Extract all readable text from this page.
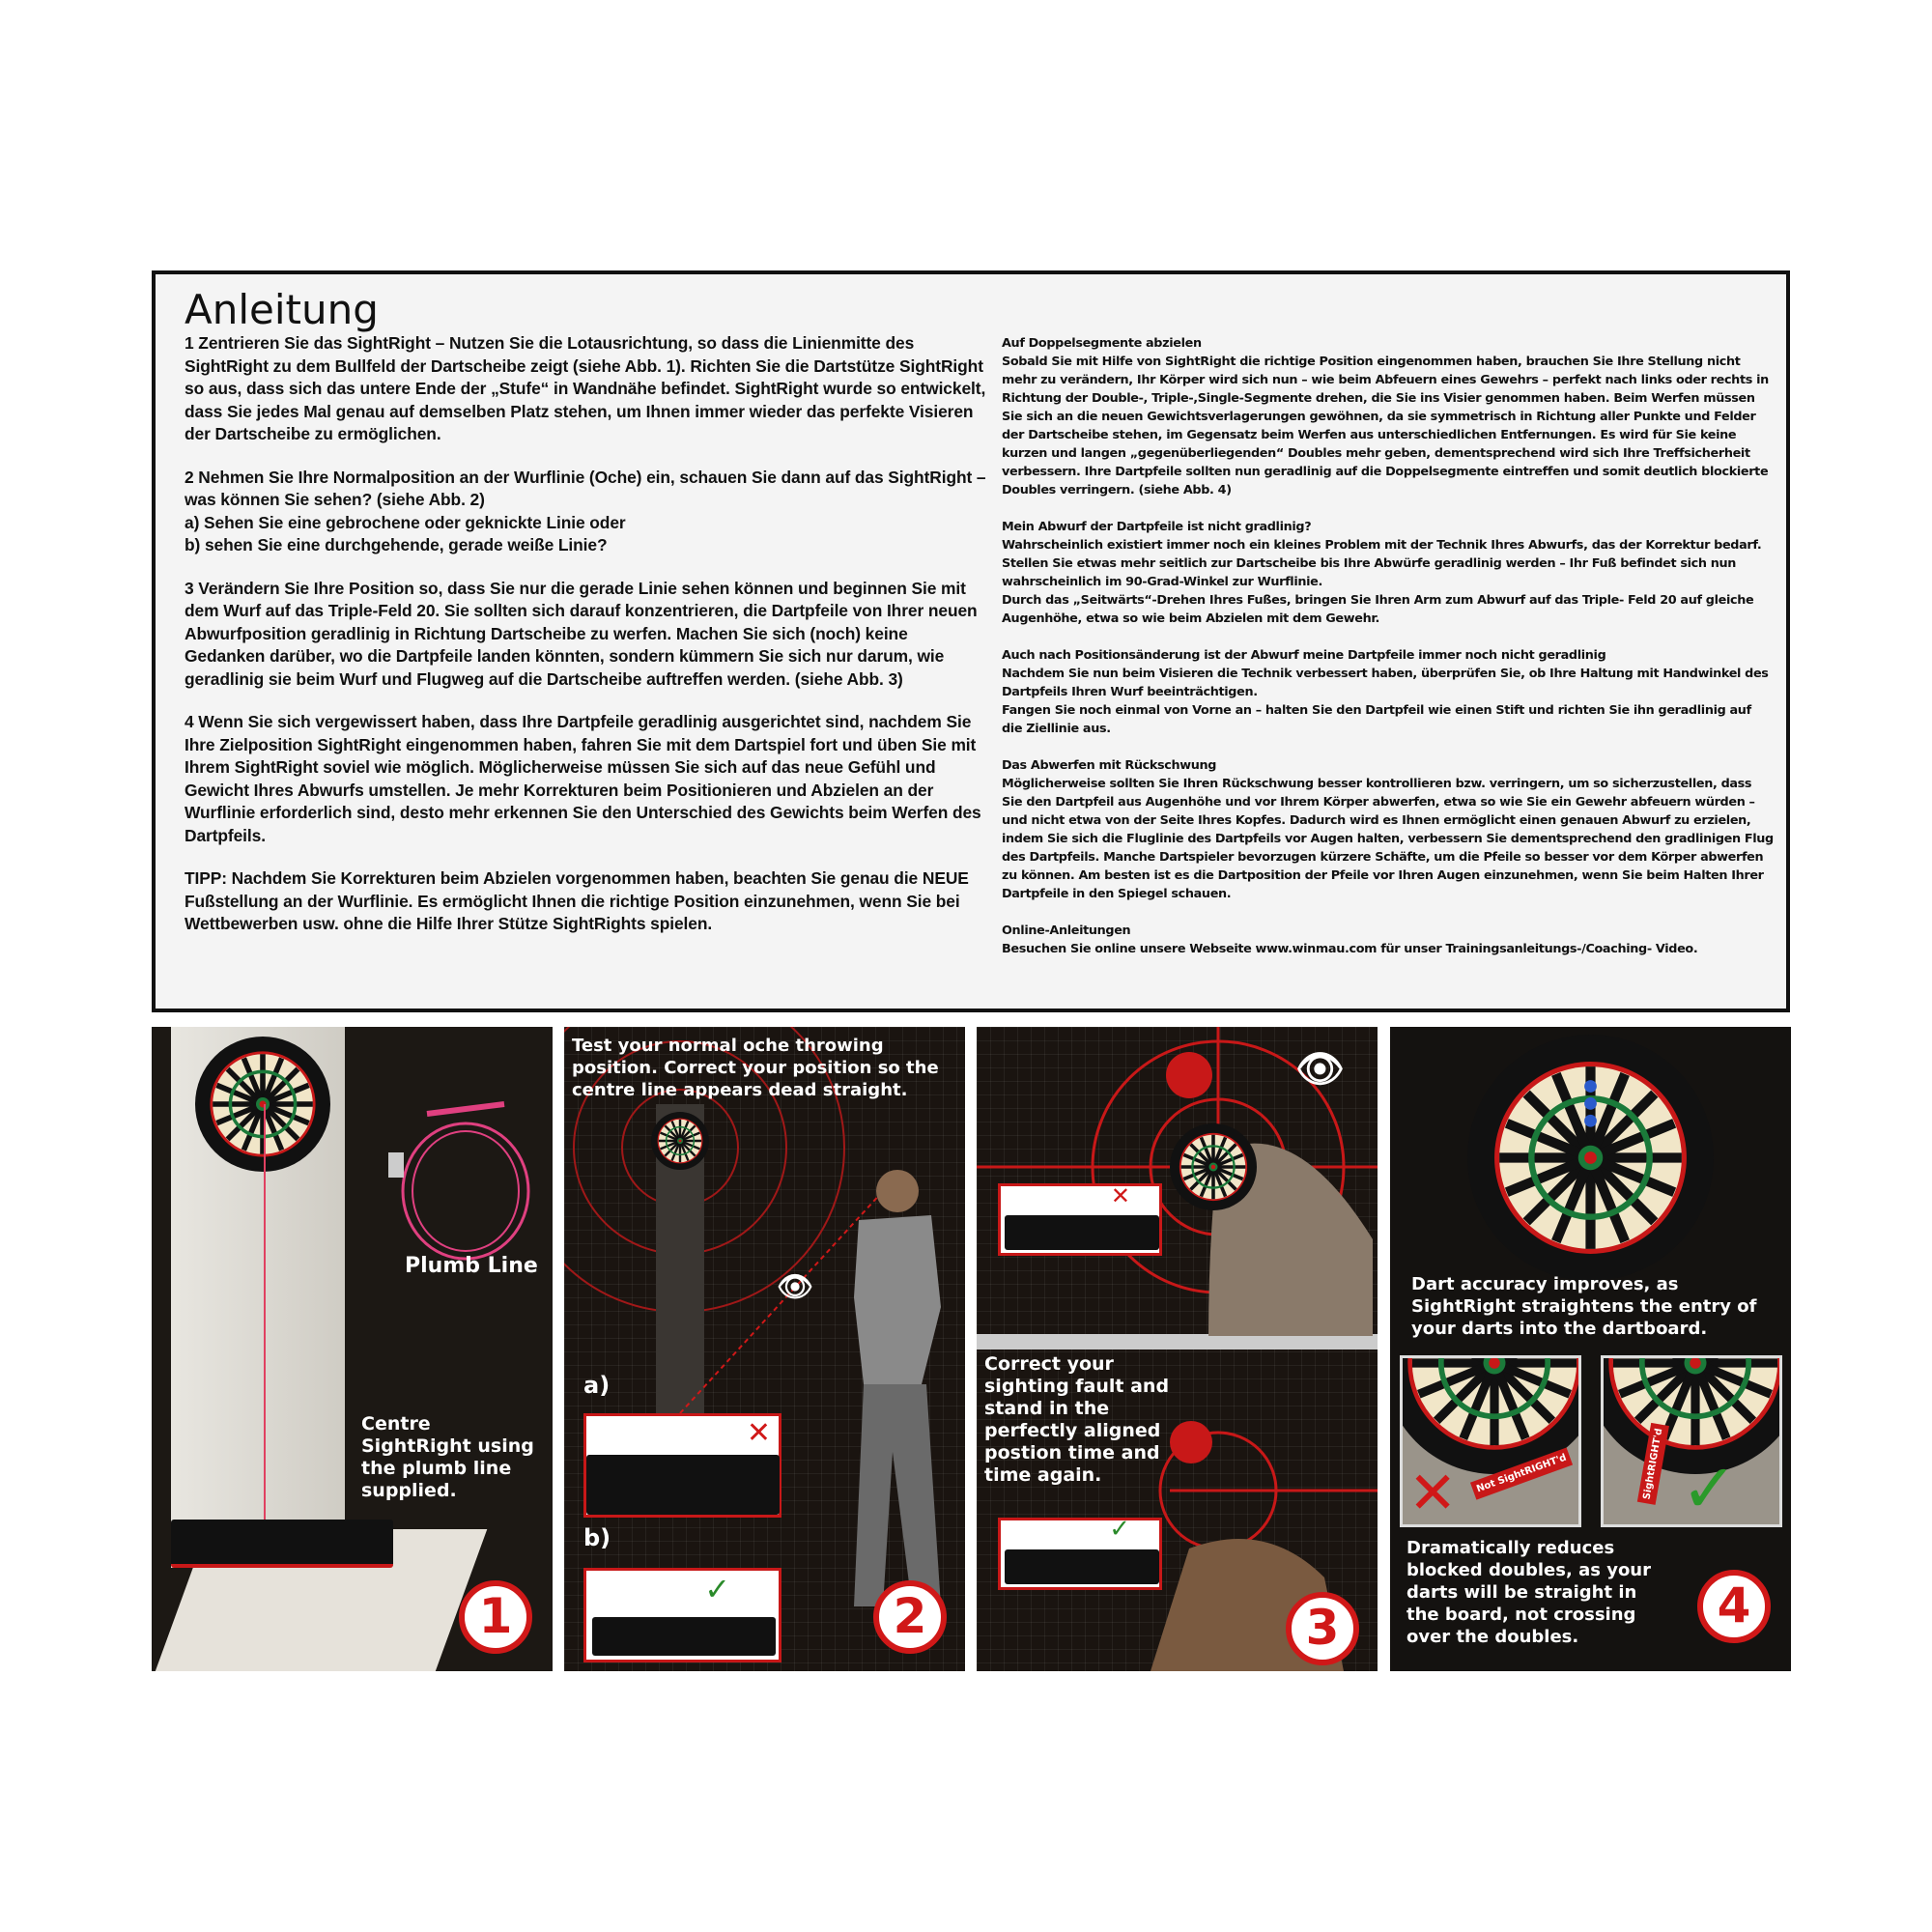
Anleitung

1 Zentrieren Sie das SightRight – Nutzen Sie die Lotausrichtung, so dass die Linienmitte des SightRight zu dem Bullfeld der Dartscheibe zeigt (siehe Abb. 1). Richten Sie die Dartstütze SightRight so aus, dass sich das untere Ende der „Stufe“ in Wandnähe befindet. SightRight wurde so entwickelt, dass Sie jedes Mal genau auf demselben Platz stehen, um Ihnen immer wieder das perfekte Visieren der Dartscheibe zu ermöglichen.

2 Nehmen Sie Ihre Normalposition an der Wurflinie (Oche) ein, schauen Sie dann auf das SightRight – was können Sie sehen? (siehe Abb. 2)
a) Sehen Sie eine gebrochene oder geknickte Linie oder
b) sehen Sie eine durchgehende, gerade weiße Linie?

3 Verändern Sie Ihre Position so, dass Sie nur die gerade Linie sehen können und beginnen Sie mit dem Wurf auf das Triple-Feld 20. Sie sollten sich darauf konzentrieren, die Dartpfeile von Ihrer neuen Abwurfposition geradlinig in Richtung Dartscheibe zu werfen. Machen Sie sich (noch) keine Gedanken darüber, wo die Dartpfeile landen könnten, sondern kümmern Sie sich nur darum, wie geradlinig sie beim Wurf und Flugweg auf die Dartscheibe auftreffen werden. (siehe Abb. 3)

4 Wenn Sie sich vergewissert haben, dass Ihre Dartpfeile geradlinig ausgerichtet sind, nachdem Sie Ihre Zielposition SightRight eingenommen haben, fahren Sie mit dem Dartspiel fort und üben Sie mit Ihrem SightRight soviel wie möglich. Möglicherweise müssen Sie sich auf das neue Gefühl und Gewicht Ihres Abwurfs umstellen. Je mehr Korrekturen beim Positionieren und Abzielen an der Wurflinie erforderlich sind, desto mehr erkennen Sie den Unterschied des Gewichts beim Werfen des Dartpfeils.

TIPP: Nachdem Sie Korrekturen beim Abzielen vorgenommen haben, beachten Sie genau die NEUE Fußstellung an der Wurflinie. Es ermöglicht Ihnen die richtige Position einzunehmen, wenn Sie bei Wettbewerben usw. ohne die Hilfe Ihrer Stütze SightRights spielen.

Auf Doppelsegmente abzielen
Sobald Sie mit Hilfe von SightRight die richtige Position eingenommen haben, brauchen Sie Ihre Stellung nicht mehr zu verändern, Ihr Körper wird sich nun – wie beim Abfeuern eines Gewehrs – perfekt nach links oder rechts in Richtung der Double-, Triple-,Single-Segmente drehen, die Sie ins Visier genommen haben. Beim Werfen müssen Sie sich an die neuen Gewichtsverlagerungen gewöhnen, da sie symmetrisch in Richtung aller Punkte und Felder der Dartscheibe stehen, im Gegensatz beim Werfen aus unterschiedlichen Entfernungen. Es wird für Sie keine kurzen und langen „gegenüberliegenden“ Doubles mehr geben, dementsprechend wird sich Ihre Treffsicherheit verbessern. Ihre Dartpfeile sollten nun geradlinig auf die Doppelsegmente eintreffen und somit deutlich blockierte Doubles verringern. (siehe Abb. 4)
Mein Abwurf der Dartpfeile ist nicht gradlinig?
Wahrscheinlich existiert immer noch ein kleines Problem mit der Technik Ihres Abwurfs, das der Korrektur bedarf. Stellen Sie etwas mehr seitlich zur Dartscheibe bis Ihre Abwürfe geradlinig werden – Ihr Fuß befindet sich nun wahrscheinlich im 90-Grad-Winkel zur Wurflinie.
Durch das „Seitwärts“-Drehen Ihres Fußes, bringen Sie Ihren Arm zum Abwurf auf das Triple- Feld 20 auf gleiche Augenhöhe, etwa so wie beim Abzielen mit dem Gewehr.
Auch nach Positionsänderung ist der Abwurf meine Dartpfeile immer noch nicht geradlinig
Nachdem Sie nun beim Visieren die Technik verbessert haben, überprüfen Sie, ob Ihre Haltung mit Handwinkel des Dartpfeils Ihren Wurf beeinträchtigen.
Fangen Sie noch einmal von Vorne an – halten Sie den Dartpfeil wie einen Stift und richten Sie ihn geradlinig auf die Ziellinie aus.
Das Abwerfen mit Rückschwung
Möglicherweise sollten Sie Ihren Rückschwung besser kontrollieren bzw. verringern, um so sicherzustellen, dass Sie den Dartpfeil aus Augenhöhe und vor Ihrem Körper abwerfen, etwa so wie Sie ein Gewehr abfeuern würden – und nicht etwa von der Seite Ihres Kopfes. Dadurch wird es Ihnen ermöglicht einen genauen Abwurf zu erzielen, indem Sie sich die Fluglinie des Dartpfeils vor Augen halten, verbessern Sie dementsprechend den gradlinigen Flug des Dartpfeils. Manche Dartspieler bevorzugen kürzere Schäfte, um die Pfeile so besser vor dem Körper abwerfen zu können. Am besten ist es die Dartposition der Pfeile vor Ihren Augen einzunehmen, wenn Sie beim Halten Ihrer Dartpfeile in den Spiegel schauen.
Online-Anleitungen
Besuchen Sie online unsere Webseite www.winmau.com für unser Trainingsanleitungs-/Coaching- Video.
Plumb Line
Centre SightRight using the plumb line supplied.
1
👁
Test your normal oche throwing position. Correct your position so the centre line appears dead straight.
a)
✕
b)
✓	2
👁
✕
Correct your sighting fault and stand in the perfectly aligned postion time and time again.
✓
3
Dart accuracy improves, as SightRight straightens the entry of your darts into the dartboard.
Not SightRIGHT'd
✕	SightRIGHT'd ✓
Dramatically reduces blocked doubles, as your darts will be straight in the board, not crossing over the doubles.
4
